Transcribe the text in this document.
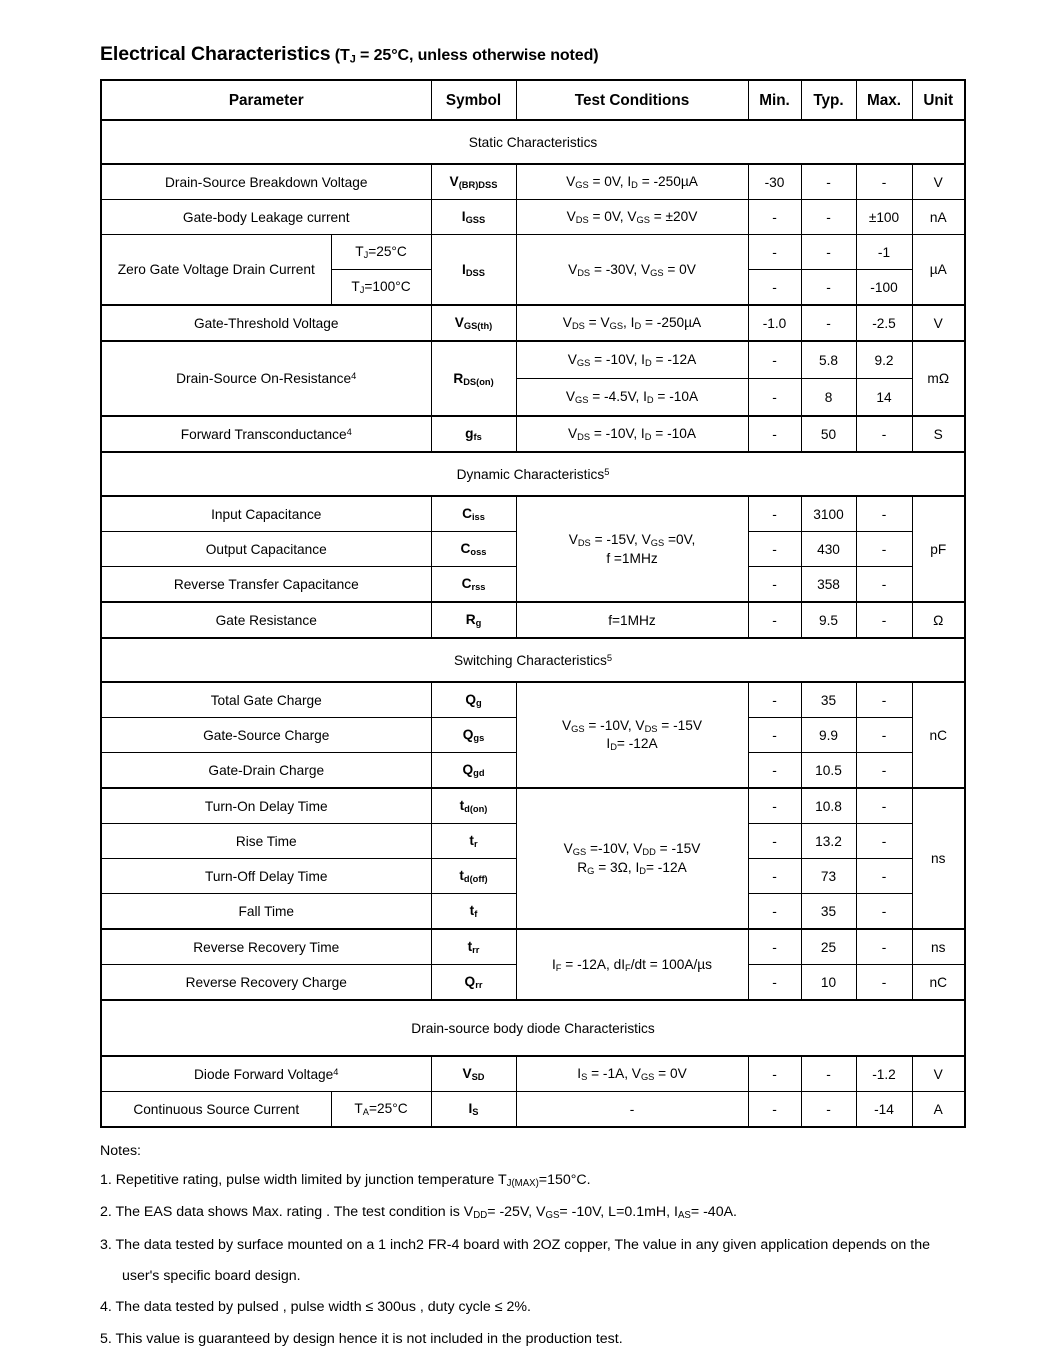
Electrical Characteristics ($T_J = 25^\circ C$, unless otherwise noted)
Parameter		Symbol	Test Conditions	Min.	Typ.	Max.	Unit
Static Characteristics							
Drain-Source Breakdown Voltage		$V_{(BR)DSS}$	$V_{GS} = 0V$, $I_D = -250\mu A$	-30	-	-	V
Gate-body Leakage current		$I_{GSS}$	$V_{DS} = 0V$, $V_{GS} = \pm 20V$	-	-	±100	nA
Zero Gate Voltage Drain Current	$T_J=25^\circ C$	$I_{DSS}$	$V_{DS} = -30V$, $V_{GS} = 0V$	-	-	-1	µA
	$T_J=100^\circ C$			-	-	-100	
Gate-Threshold Voltage		$V_{GS(th)}$	$V_{DS} = V_{GS}$, $I_D = -250\mu A$	-1.0	-	-2.5	V
Drain-Source On-Resistance$^4$		$R_{DS(on)}$	$V_{GS} = -10V$, $I_D = -12A$	-	5.8	9.2	mΩ
			$V_{GS} = -4.5V$, $I_D = -10A$	-	8	14	
Forward Transconductance$^4$		$g_{fs}$	$V_{DS} = -10V$, $I_D = -10A$	-	50	-	S
Dynamic Characteristics$^5$
Input Capacitance		$C_{iss}$	$V_{DS} = -15V$, $V_{GS} =0V$,
f =1MHz	-	3100	-	pF
Output Capacitance		$C_{oss}$		-	430	-	
Reverse Transfer Capacitance		$C_{rss}$		-	358	-	
Gate Resistance		$R_g$	f=1MHz	-	9.5	-	Ω
Switching Characteristics$^5$
Total Gate Charge		$Q_g$	$V_{GS} = -10V$, $V_{DS} = -15V$
$I_D= -12A$	-	35	-	nC
Gate-Source Charge		$Q_{gs}$		-	9.9	-	
Gate-Drain Charge		$Q_{gd}$		-	10.5	-	
Turn-On Delay Time		$t_{d(on)}$	$V_{GS} =-10V$, $V_{DD} = -15V$
$R_G = 3\Omega$, $I_D= -12A$	-	10.8	-	ns
Rise Time		$t_r$		-	13.2	-	
Turn-Off Delay Time		$t_{d(off)}$		-	73	-	
Fall Time		$t_f$		-	35	-	
Reverse Recovery Time		$t_{rr}$	$I_F = -12A$, $dI_F/dt = 100A/\mu s$	-	25	-	ns
Reverse Recovery Charge		$Q_{rr}$		-	10	-	nC
Drain-source body diode Characteristics							
Diode Forward Voltage$^4$		$V_{SD}$	$I_S = -1A$, $V_{GS} = 0V$	-	-	-1.2	V
Continuous Source Current	$T_A=25^\circ C$	$I_S$	-	-	-	-14	A

Notes:

1. Repetitive rating, pulse width limited by junction temperature $T_{J(MAX)}=150^\circ C$.

2. The EAS data shows Max. rating . The test condition is $V_{DD}= -25V$, $V_{GS}= -10V$, L=0.1mH, $I_{AS}= -40A$.

3. The data tested by surface mounted on a 1 inch2 FR-4 board with 2OZ copper, The value in any given application depends on the

user's specific board design.

4. The data tested by pulsed , pulse width ≤ 300us , duty cycle ≤ 2%.

5. This value is guaranteed by design hence it is not included in the production test.
